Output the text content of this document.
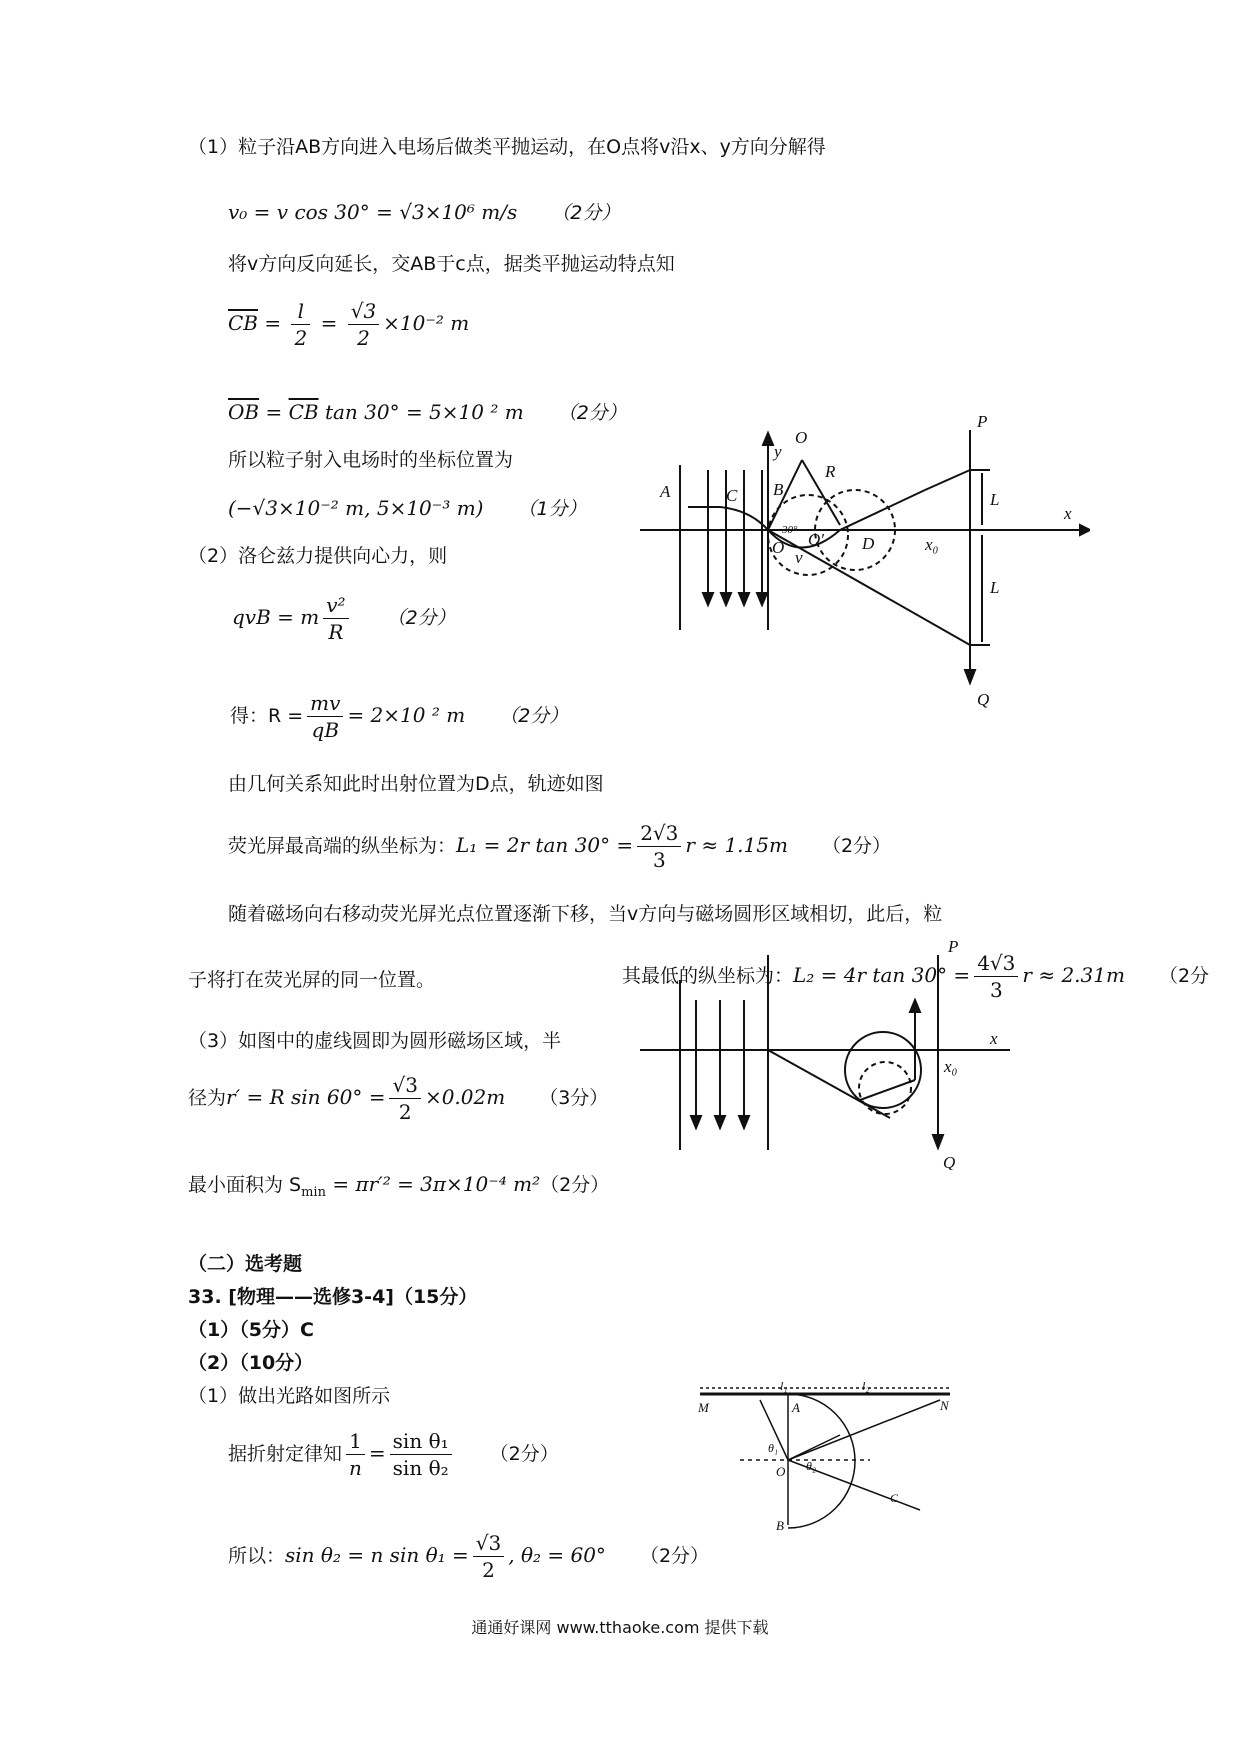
（1）粒子沿AB方向进入电场后做类平抛运动，在O点将v沿x、y方向分解得
v₀ = v cos 30° = √3×10⁶ m/s （2分）
将v方向反向延长，交AB于c点，据类平抛运动特点知
$\overline{CB} = \frac{l}{2} = \frac{√3}{2} \times 10^{-2}$ m
$\overline{OB} = \overline{CB}$ tan 30° = 5×10 ² m （2分）
所以粒子射入电场时的坐标位置为
(−√3×10⁻² m, 5×10⁻³ m) （1分）
（2）洛仑兹力提供向心力，则
qvB = m $\frac{\text{v²}}{R} (2$分）
得：$R = \frac{mv}{qB} = 2\times 10$ ² m （2分）
由几何关系知此时出射位置为D点，轨迹如图
荧光屏最高端的纵坐标为：L₁ = 2r $\tan 30^\circ = \frac{2√3}{3}$ r ≈ 1.15m （2分）
随着磁场向右移动荧光屏光点位置逐渐下移，当v方向与磁场圆形区域相切，此后，粒
子将打在荧光屏的同一位置。	其最低的纵坐标为：L₂ = 4r $\tan 30^\circ = \frac{4√3}{3}$ r ≈ 2.31m （2分
（3）如图中的虚线圆即为圆形磁场区域，半
径为r′ = R $\sin 60^\circ = \frac{√3}{2} \times 0.02m$ （3分）
最小面积为 $S_{min} = \pi r'^2 = 3\pi\times 10^{-4}$ m²（2分）
（二）选考题
33. [物理——选修3-4]（15分）
（1）（5分）C
（2）（10分）
（1）做出光路如图所示
据折射定律知 $\frac{1}{n} = \frac{\text{sin θ₁}}{\text{sin θ₂}} (2$分）
所以：sin θ₂ = n $\sin \theta_1 = \frac{√3}{2}$ , θ₂ = 60° （2分）
A	C
y
O
R
B
O O′
30°
D
v
x
x₀
L
L
P
Q
P
x
x₀
Q
M	N
A
B
O
θ₁
θ₂
l₁	l₂
C
通通好课网 www.tthaoke.com 提供下载
